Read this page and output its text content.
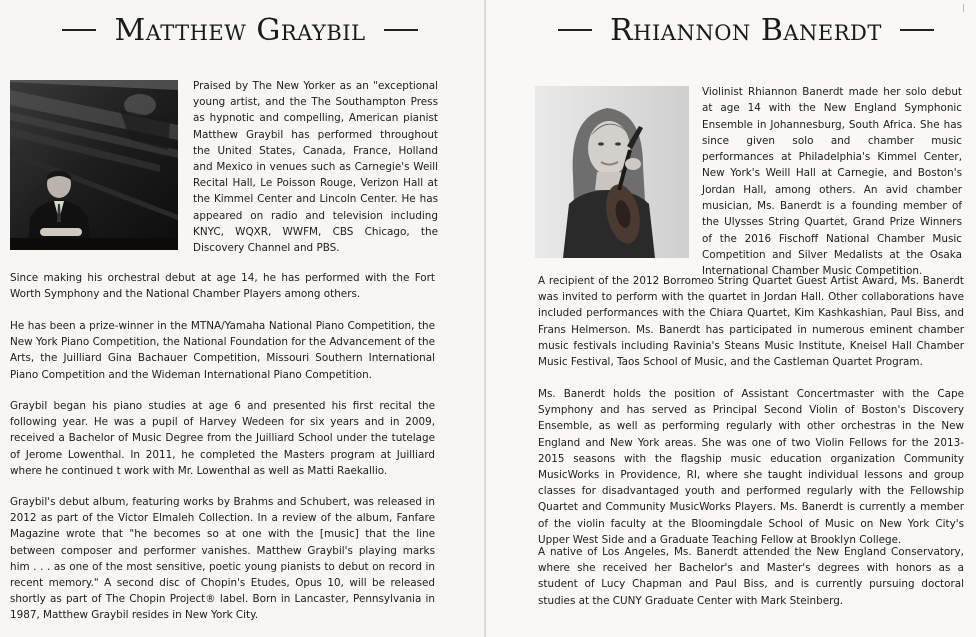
Matthew Graybil

Praised by The New Yorker as an "exceptional young artist, and the The Southampton Press as hypnotic and compelling, American pianist Matthew Graybil has performed throughout the United States, Canada, France, Holland and Mexico in venues such as Carnegie's Weill Recital Hall, Le Poisson Rouge, Verizon Hall at the Kimmel Center and Lincoln Center. He has appeared on radio and television including KNYC, WQXR, WWFM, CBS Chicago, the Discovery Channel and PBS.

Since making his orchestral debut at age 14, he has performed with the Fort Worth Symphony and the National Chamber Players among others.

He has been a prize-winner in the MTNA/Yamaha National Piano Competition, the New York Piano Competition, the National Foundation for the Advancement of the Arts, the Juilliard Gina Bachauer Competition, Missouri Southern International Piano Competition and the Wideman International Piano Competition.

Graybil began his piano studies at age 6 and presented his first recital the following year. He was a pupil of Harvey Wedeen for six years and in 2009, received a Bachelor of Music Degree from the Juilliard School under the tutelage of Jerome Lowenthal. In 2011, he completed the Masters program at Juilliard where he continued t work with Mr. Lowenthal as well as Matti Raekallio.

Graybil's debut album, featuring works by Brahms and Schubert, was released in 2012 as part of the Victor Elmaleh Collection. In a review of the album, Fanfare Magazine wrote that "he becomes so at one with the [music] that the line between composer and performer vanishes. Matthew Graybil's playing marks him . . . as one of the most sensitive, poetic young pianists to debut on record in recent memory." A second disc of Chopin's Etudes, Opus 10, will be released shortly as part of The Chopin Project® label. Born in Lancaster, Pennsylvania in 1987, Matthew Graybil resides in New York City.

Rhiannon Banerdt

Violinist Rhiannon Banerdt made her solo debut at age 14 with the New England Symphonic Ensemble in Johannesburg, South Africa. She has since given solo and chamber music performances at Philadelphia's Kimmel Center, New York's Weill Hall at Carnegie, and Boston's Jordan Hall, among others. An avid chamber musician, Ms. Banerdt is a founding member of the Ulysses String Quartet, Grand Prize Winners of the 2016 Fischoff National Chamber Music Competition and Silver Medalists at the Osaka International Chamber Music Competition.

A recipient of the 2012 Borromeo String Quartet Guest Artist Award, Ms. Banerdt was invited to perform with the quartet in Jordan Hall. Other collaborations have included performances with the Chiara Quartet, Kim Kashkashian, Paul Biss, and Frans Helmerson. Ms. Banerdt has participated in numerous eminent chamber music festivals including Ravinia's Steans Music Institute, Kneisel Hall Chamber Music Festival, Taos School of Music, and the Castleman Quartet Program.

Ms. Banerdt holds the position of Assistant Concertmaster with the Cape Symphony and has served as Principal Second Violin of Boston's Discovery Ensemble, as well as performing regularly with other orchestras in the New England and New York areas. She was one of two Violin Fellows for the 2013-2015 seasons with the flagship music education organization Community MusicWorks in Providence, RI, where she taught individual lessons and group classes for disadvantaged youth and performed regularly with the Fellowship Quartet and Community MusicWorks Players. Ms. Banerdt is currently a member of the violin faculty at the Bloomingdale School of Music on New York City's Upper West Side and a Graduate Teaching Fellow at Brooklyn College.

A native of Los Angeles, Ms. Banerdt attended the New England Conservatory, where she received her Bachelor's and Master's degrees with honors as a student of Lucy Chapman and Paul Biss, and is currently pursuing doctoral studies at the CUNY Graduate Center with Mark Steinberg.
